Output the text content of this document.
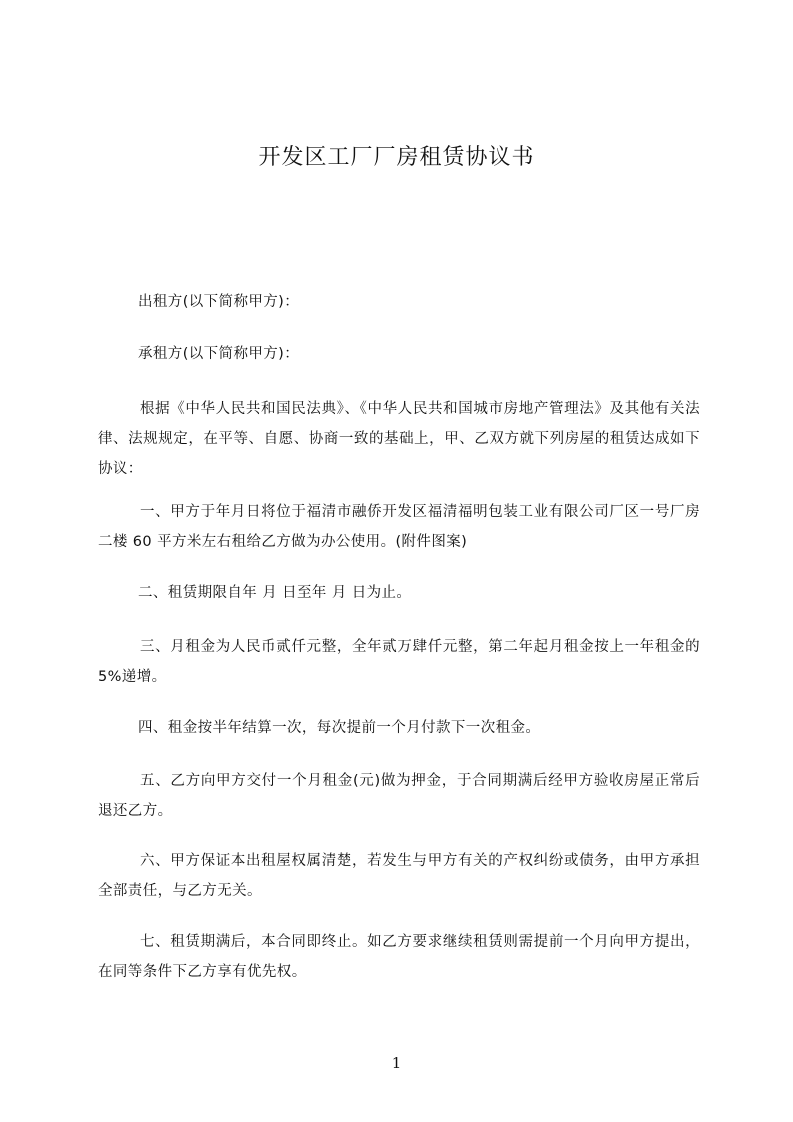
开发区工厂厂房租赁协议书
出租方(以下简称甲方)：
承租方(以下简称甲方)：
根据《中华人民共和国民法典》、《中华人民共和国城市房地产管理法》及其他有关法律、法规规定，在平等、自愿、协商一致的基础上，甲、乙双方就下列房屋的租赁达成如下协议：
一、甲方于年月日将位于福清市融侨开发区福清福明包装工业有限公司厂区一号厂房二楼 60 平方米左右租给乙方做为办公使用。(附件图案)
二、租赁期限自年 月 日至年 月 日为止。
三、月租金为人民币贰仟元整，全年贰万肆仟元整，第二年起月租金按上一年租金的 5%递增。
四、租金按半年结算一次，每次提前一个月付款下一次租金。
五、乙方向甲方交付一个月租金(元)做为押金，于合同期满后经甲方验收房屋正常后退还乙方。
六、甲方保证本出租屋权属清楚，若发生与甲方有关的产权纠纷或债务，由甲方承担全部责任，与乙方无关。
七、租赁期满后，本合同即终止。如乙方要求继续租赁则需提前一个月向甲方提出，在同等条件下乙方享有优先权。
1
